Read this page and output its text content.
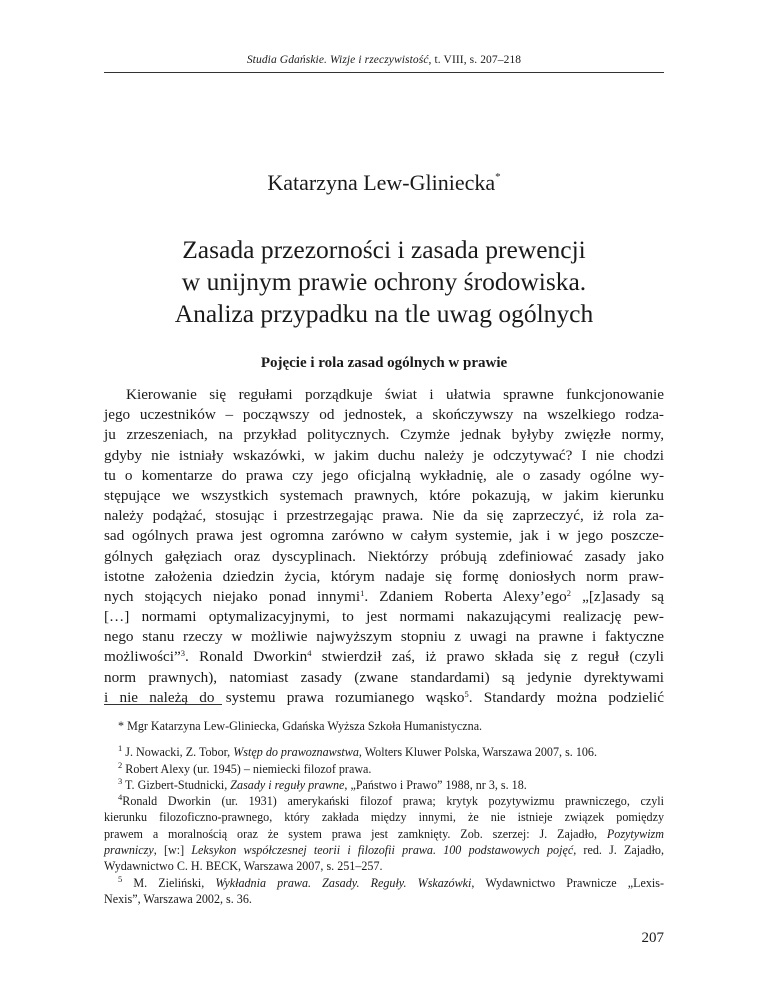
Studia Gdańskie. Wizje i rzeczywistość, t. VIII, s. 207–218
Katarzyna Lew-Gliniecka*
Zasada przezorności i zasada prewencji
w unijnym prawie ochrony środowiska.
Analiza przypadku na tle uwag ogólnych
Pojęcie i rola zasad ogólnych w prawie
Kierowanie się regułami porządkuje świat i ułatwia sprawne funkcjonowanie
jego uczestników – począwszy od jednostek, a skończywszy na wszelkiego rodza-
ju zrzeszeniach, na przykład politycznych. Czymże jednak byłyby zwięzłe normy,
gdyby nie istniały wskazówki, w jakim duchu należy je odczytywać? I nie chodzi
tu o komentarze do prawa czy jego oficjalną wykładnię, ale o zasady ogólne wy-
stępujące we wszystkich systemach prawnych, które pokazują, w jakim kierunku
należy podążać, stosując i przestrzegając prawa. Nie da się zaprzeczyć, iż rola za-
sad ogólnych prawa jest ogromna zarówno w całym systemie, jak i w jego poszcze-
gólnych gałęziach oraz dyscyplinach. Niektórzy próbują zdefiniować zasady jako
istotne założenia dziedzin życia, którym nadaje się formę doniosłych norm praw-
nych stojących niejako ponad innymi$^1$. Zdaniem Roberta Alexy’ego$^2$ „[z]asady są
[…] normami optymalizacyjnymi, to jest normami nakazującymi realizację pew-
nego stanu rzeczy w możliwie najwyższym stopniu z uwagi na prawne i faktyczne
możliwości”$^3$. Ronald Dworkin$^4$ stwierdził zaś, iż prawo składa się z reguł (czyli
norm prawnych), natomiast zasady (zwane standardami) są jedynie dyrektywami
i nie należą do systemu prawa rozumianego wąsko$^5$. Standardy można podzielić
* Mgr Katarzyna Lew-Gliniecka, Gdańska Wyższa Szkoła Humanistyczna.
$^1$ J. Nowacki, Z. Tobor, Wstęp do prawoznawstwa, Wolters Kluwer Polska, Warszawa 2007, s. 106.
$^2$ Robert Alexy (ur. 1945) – niemiecki filozof prawa.
$^3$ T. Gizbert-Studnicki, Zasady i reguły prawne, „Państwo i Prawo” 1988, nr 3, s. 18.
$^4$Ronald Dworkin (ur. 1931) amerykański filozof prawa; krytyk pozytywizmu prawniczego, czyli
kierunku filozoficzno-prawnego, który zakłada między innymi, że nie istnieje związek pomiędzy
prawem a moralnością oraz że system prawa jest zamknięty. Zob. szerzej: J. Zajadło, Pozytywizm
prawniczy, [w:] Leksykon współczesnej teorii i filozofii prawa. 100 podstawowych pojęć, red. J. Zajadło,
Wydawnictwo C. H. BECK, Warszawa 2007, s. 251–257.
$^5$ M. Zieliński, Wykładnia prawa. Zasady. Reguły. Wskazówki, Wydawnictwo Prawnicze „Lexis-
Nexis”, Warszawa 2002, s. 36.
207
